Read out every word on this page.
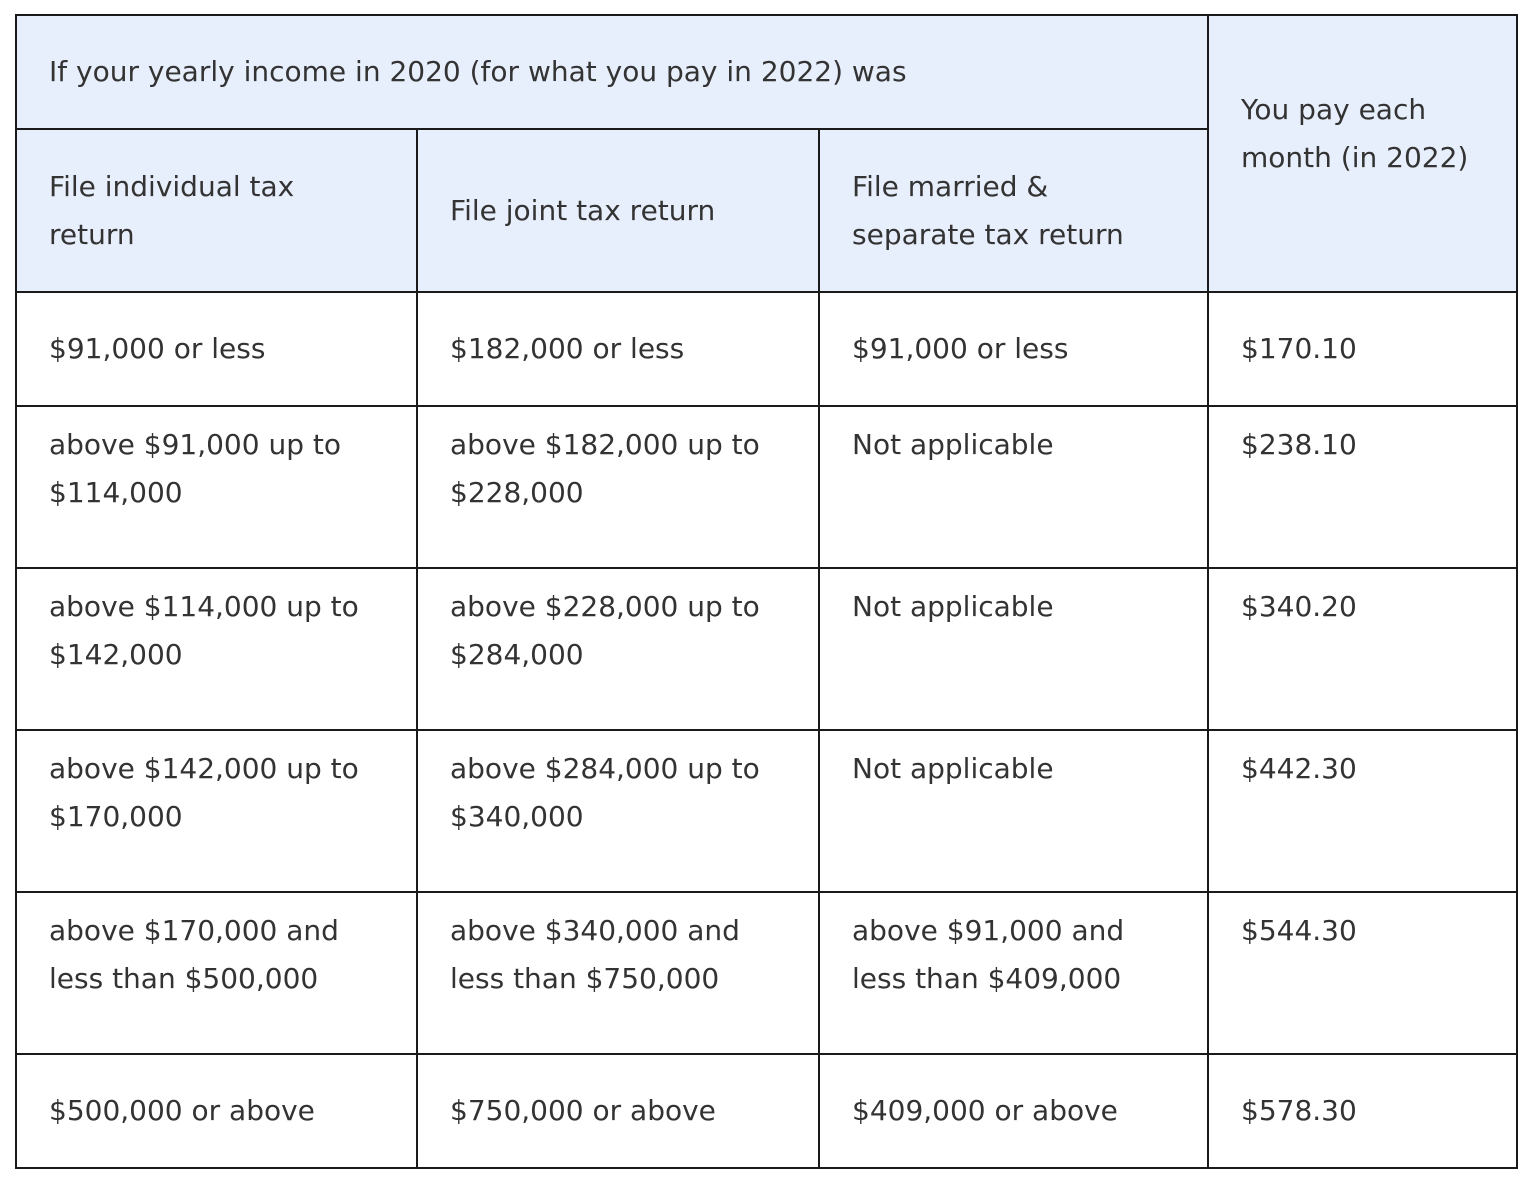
If your yearly income in 2020 (for what you pay in 2022) was			You pay each month (in 2022)
File individual tax return	File joint tax return	File married & separate tax return	
$91,000 or less	$182,000 or less	$91,000 or less	$170.10
above $91,000 up to $114,000	above $182,000 up to $228,000	Not applicable	$238.10
above $114,000 up to $142,000	above $228,000 up to $284,000	Not applicable	$340.20
above $142,000 up to $170,000	above $284,000 up to $340,000	Not applicable	$442.30
above $170,000 and less than $500,000	above $340,000 and less than $750,000	above $91,000 and less than $409,000	$544.30
$500,000 or above	$750,000 or above	$409,000 or above	$578.30
